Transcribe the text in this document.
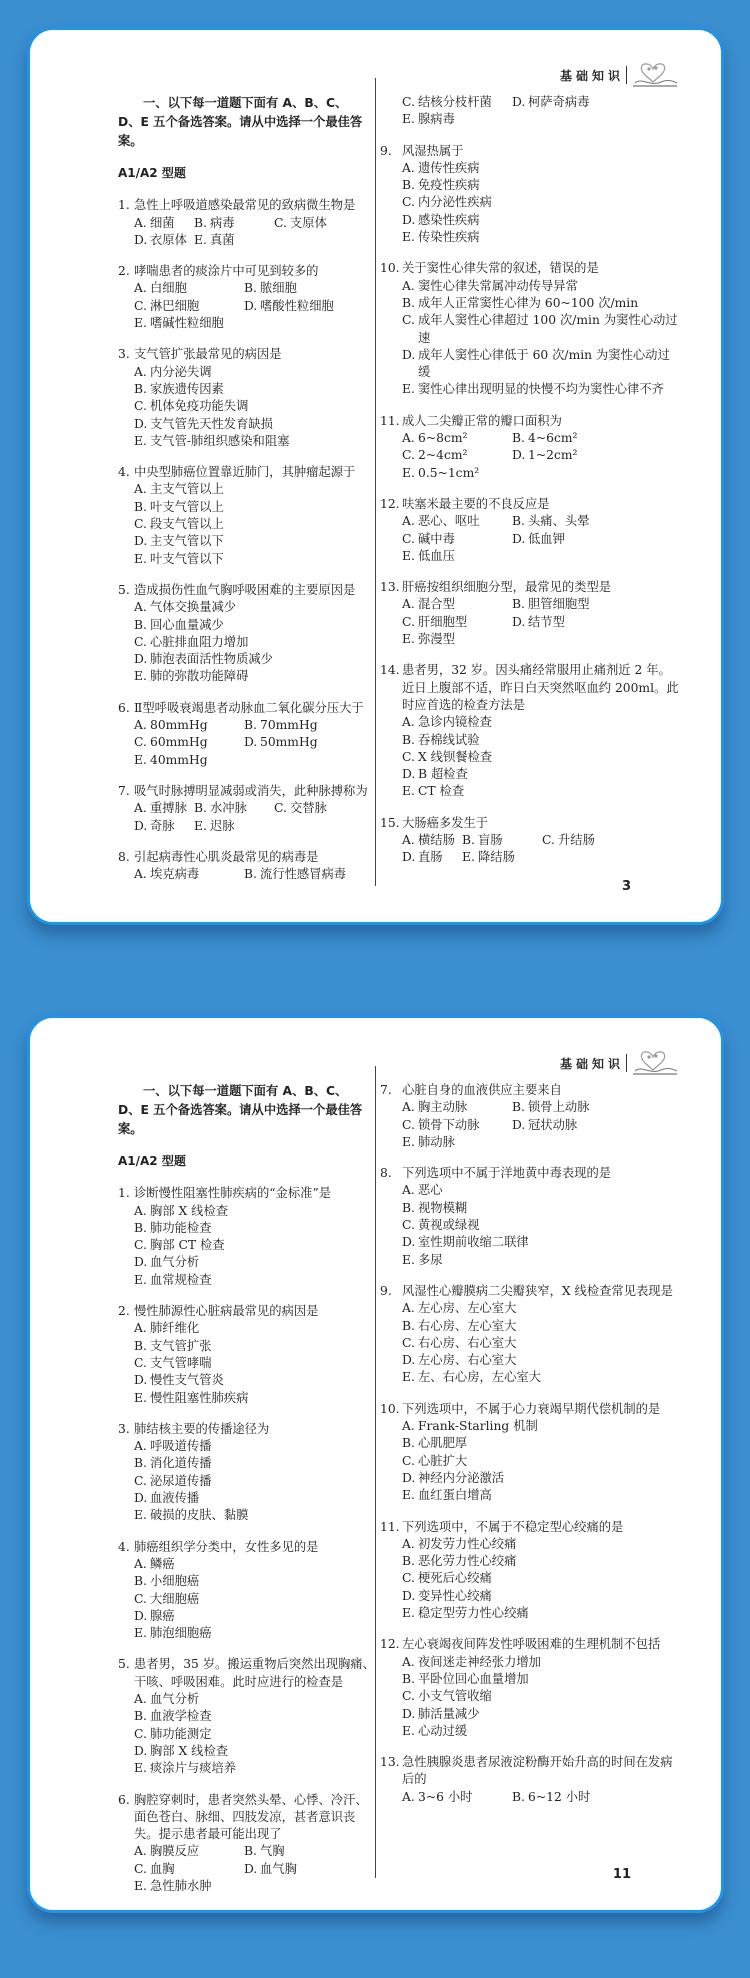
基础知识
一、以下每一道题下面有 A、B、C、D、E 五个备选答案。请从中选择一个最佳答案。
A1/A2 型题
1. 急性上呼吸道感染最常见的致病微生物是
A. 细菌	B. 病毒	C. 支原体
D. 衣原体 E. 真菌
2. 哮喘患者的痰涂片中可见到较多的
A. 白细胞	B. 脓细胞
C. 淋巴细胞	D. 嗜酸性粒细胞
E. 嗜碱性粒细胞
3. 支气管扩张最常见的病因是
A. 内分泌失调
B. 家族遗传因素
C. 机体免疫功能失调
D. 支气管先天性发育缺损
E. 支气管-肺组织感染和阻塞
4. 中央型肺癌位置靠近肺门，其肿瘤起源于
A. 主支气管以上
B. 叶支气管以上
C. 段支气管以上
D. 主支气管以下
E. 叶支气管以下
5. 造成损伤性血气胸呼吸困难的主要原因是
A. 气体交换量减少
B. 回心血量减少
C. 心脏排血阻力增加
D. 肺泡表面活性物质减少
E. 肺的弥散功能障碍
6. Ⅱ型呼吸衰竭患者动脉血二氧化碳分压大于
A. 80mmHg	B. 70mmHg
C. 60mmHg	D. 50mmHg
E. 40mmHg
7. 吸气时脉搏明显减弱或消失，此种脉搏称为
A. 重搏脉 B. 水冲脉	C. 交替脉
D. 奇脉	E. 迟脉
8. 引起病毒性心肌炎最常见的病毒是
A. 埃克病毒	B. 流行性感冒病毒
C. 结核分枝杆菌	D. 柯萨奇病毒
E. 腺病毒
9. 风湿热属于
A. 遗传性疾病
B. 免疫性疾病
C. 内分泌性疾病
D. 感染性疾病
E. 传染性疾病
10. 关于窦性心律失常的叙述，错误的是
A. 窦性心律失常属冲动传导异常
B. 成年人正常窦性心律为 60~100 次/min
C. 成年人窦性心律超过 100 次/min 为窦性心动过速
D. 成年人窦性心律低于 60 次/min 为窦性心动过缓
E. 窦性心律出现明显的快慢不均为窦性心律不齐
11. 成人二尖瓣正常的瓣口面积为
A. 6~8cm²	B. 4~6cm²
C. 2~4cm²	D. 1~2cm²
E. 0.5~1cm²
12. 呋塞米最主要的不良反应是
A. 恶心、呕吐	B. 头痛、头晕
C. 碱中毒	D. 低血钾
E. 低血压
13. 肝癌按组织细胞分型，最常见的类型是
A. 混合型	B. 胆管细胞型
C. 肝细胞型	D. 结节型
E. 弥漫型
14. 患者男，32 岁。因头痛经常服用止痛剂近 2 年。近日上腹部不适，昨日白天突然呕血约 200ml。此时应首选的检查方法是
A. 急诊内镜检查
B. 吞棉线试验
C. X 线钡餐检查
D. B 超检查
E. CT 检查
15. 大肠癌多发生于
A. 横结肠 B. 盲肠	C. 升结肠
D. 直肠	E. 降结肠
3
基础知识
一、以下每一道题下面有 A、B、C、D、E 五个备选答案。请从中选择一个最佳答案。
A1/A2 型题
1. 诊断慢性阻塞性肺疾病的“金标准”是
A. 胸部 X 线检查
B. 肺功能检查
C. 胸部 CT 检查
D. 血气分析
E. 血常规检查
2. 慢性肺源性心脏病最常见的病因是
A. 肺纤维化
B. 支气管扩张
C. 支气管哮喘
D. 慢性支气管炎
E. 慢性阻塞性肺疾病
3. 肺结核主要的传播途径为
A. 呼吸道传播
B. 消化道传播
C. 泌尿道传播
D. 血液传播
E. 破损的皮肤、黏膜
4. 肺癌组织学分类中，女性多见的是
A. 鳞癌
B. 小细胞癌
C. 大细胞癌
D. 腺癌
E. 肺泡细胞癌
5. 患者男，35 岁。搬运重物后突然出现胸痛、干咳、呼吸困难。此时应进行的检查是
A. 血气分析
B. 血液学检查
C. 肺功能测定
D. 胸部 X 线检查
E. 痰涂片与痰培养
6. 胸腔穿刺时，患者突然头晕、心悸、冷汗、面色苍白、脉细、四肢发凉，甚者意识丧失。提示患者最可能出现了
A. 胸膜反应	B. 气胸
C. 血胸	D. 血气胸
E. 急性肺水肿
7. 心脏自身的血液供应主要来自
A. 胸主动脉	B. 锁骨上动脉
C. 锁骨下动脉	D. 冠状动脉
E. 肺动脉
8. 下列选项中不属于洋地黄中毒表现的是
A. 恶心
B. 视物模糊
C. 黄视或绿视
D. 室性期前收缩二联律
E. 多尿
9. 风湿性心瓣膜病二尖瓣狭窄，X 线检查常见表现是
A. 左心房、左心室大
B. 右心房、左心室大
C. 右心房、右心室大
D. 左心房、右心室大
E. 左、右心房，左心室大
10. 下列选项中，不属于心力衰竭早期代偿机制的是
A. Frank-Starling 机制
B. 心肌肥厚
C. 心脏扩大
D. 神经内分泌激活
E. 血红蛋白增高
11. 下列选项中，不属于不稳定型心绞痛的是
A. 初发劳力性心绞痛
B. 恶化劳力性心绞痛
C. 梗死后心绞痛
D. 变异性心绞痛
E. 稳定型劳力性心绞痛
12. 左心衰竭夜间阵发性呼吸困难的生理机制不包括
A. 夜间迷走神经张力增加
B. 平卧位回心血量增加
C. 小支气管收缩
D. 肺活量减少
E. 心动过缓
13. 急性胰腺炎患者尿液淀粉酶开始升高的时间在发病后的
A. 3~6 小时	B. 6~12 小时
11
